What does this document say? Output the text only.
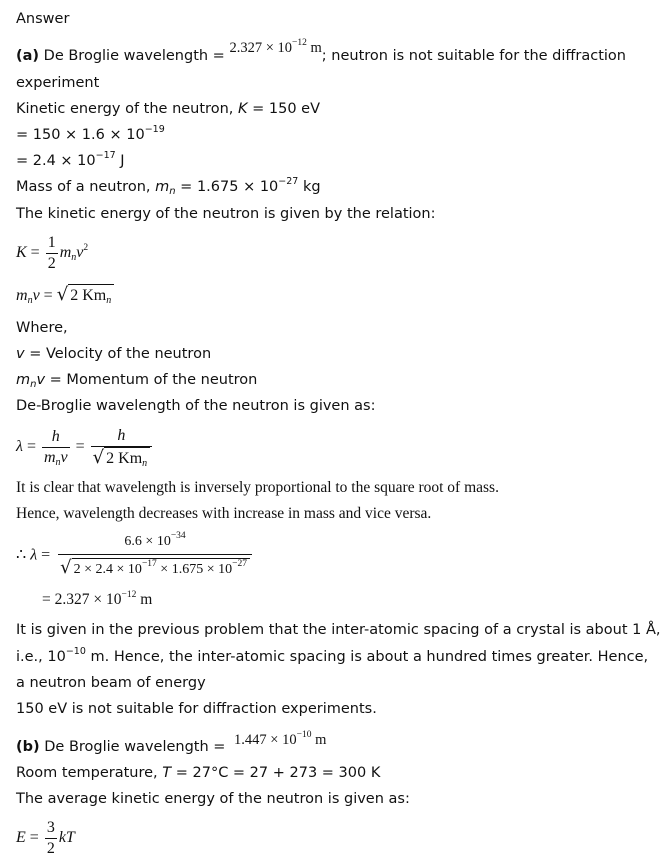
Answer
(a) De Broglie wavelength = $2.327 \times 10^{-12}$ m; neutron is not suitable for the diffraction
experiment
Kinetic energy of the neutron, K = 150 eV
= $150 \times 1.6 \times 10^{-19}$
= $2.4 \times 10^{-17}$ J
Mass of a neutron, $m_n = 1.675 \times 10^{-27}$ kg
The kinetic energy of the neutron is given by the relation:
$K = \frac{1}{2} m_nv^2$
$m_nv$ = √ 2 $Km_n$
Where,
v = Velocity of the neutron
$m_nv$ = Momentum of the neutron
De-Broglie wavelength of the neutron is given as:
$\lambda = \frac{h}{m_nv} = \frac{h}{√ 2 Km_n}$
It is clear that wavelength is inversely proportional to the square root of mass.
Hence, wavelength decreases with increase in mass and vice versa.
∴ $\lambda = \frac{6.6 \times 10^{-34}}{√ 2 \times 2.4 \times 10^{-17} \times 1.675 \times 10^{-27}}$
= $2.327 \times 10^{-12}$ m
It is given in the previous problem that the inter-atomic spacing of a crystal is about 1 Å,
i.e., $10^{-10}$ m. Hence, the inter-atomic spacing is about a hundred times greater. Hence,
a neutron beam of energy
150 eV is not suitable for diffraction experiments.
(b) De Broglie wavelength = $1.447 \times 10^{-10}$ m
Room temperature, T = 27°C = 27 + 273 = 300 K
The average kinetic energy of the neutron is given as:
$E = \frac{3}{2}$ kT
